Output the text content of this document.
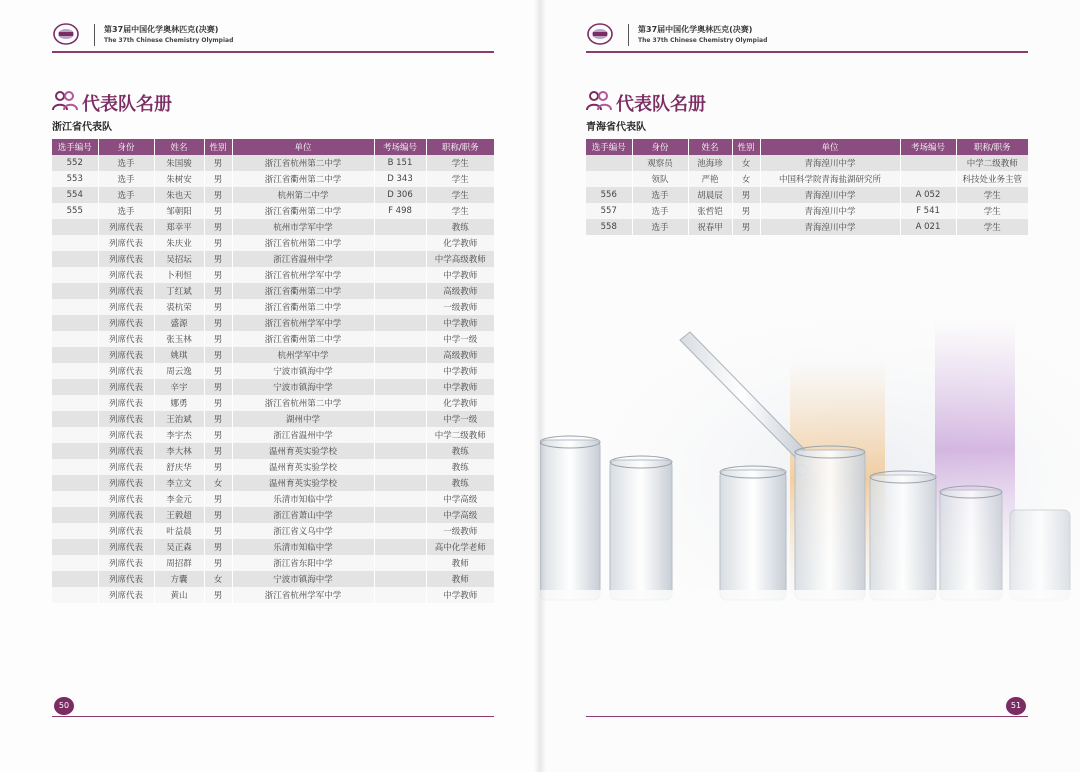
第37届中国化学奥林匹克(决赛)
The 37th Chinese Chemistry Olympiad
代表队名册
浙江省代表队
选手编号	身份	姓名	性别	单位	考场编号	职称/职务
552	选手	朱国骏	男	浙江省杭州第二中学	B 151	学生
553	选手	朱树安	男	浙江省衢州第二中学	D 343	学生
554	选手	朱也天	男	杭州第二中学	D 306	学生
555	选手	邹朝阳	男	浙江省衢州第二中学	F 498	学生
	列席代表	郑幸平	男	杭州市学军中学		教练
	列席代表	朱庆业	男	浙江省杭州第二中学		化学教师
	列席代表	吴招坛	男	浙江省温州中学		中学高级教师
	列席代表	卜利恒	男	浙江省杭州学军中学		中学教师
	列席代表	丁红斌	男	浙江省衢州第二中学		高级教师
	列席代表	裘杭荣	男	浙江省衢州第二中学		一级教师
	列席代表	盛源	男	浙江省杭州学军中学		中学教师
	列席代表	张玉林	男	浙江省衢州第二中学		中学一级
	列席代表	姚琪	男	杭州学军中学		高级教师
	列席代表	周云逸	男	宁波市镇海中学		中学教师
	列席代表	辛宇	男	宁波市镇海中学		中学教师
	列席代表	娜勇	男	浙江省杭州第二中学		化学教师
	列席代表	王治斌	男	湖州中学		中学一级
	列席代表	李宇杰	男	浙江省温州中学		中学二级教师
	列席代表	李大林	男	温州育英实验学校		教练
	列席代表	舒庆华	男	温州育英实验学校		教练
	列席代表	李立文	女	温州育英实验学校		教练
	列席代表	李金元	男	乐清市知临中学		中学高级
	列席代表	王毅超	男	浙江省萧山中学		中学高级
	列席代表	叶益晨	男	浙江省义乌中学		一级教师
	列席代表	吴正森	男	乐清市知临中学		高中化学老师
	列席代表	周招群	男	浙江省东阳中学		教师
	列席代表	方囊	女	宁波市镇海中学		教师
	列席代表	黄山	男	浙江省杭州学军中学		中学教师
50
第37届中国化学奥林匹克(决赛)
The 37th Chinese Chemistry Olympiad
代表队名册
青海省代表队
选手编号	身份	姓名	性别	单位	考场编号	职称/职务
	观察员	池海珍	女	青海湟川中学		中学二级教师
	领队	严艳	女	中国科学院青海盐湖研究所		科技处业务主管
556	选手	胡晨辰	男	青海湟川中学	A 052	学生
557	选手	张哲铠	男	青海湟川中学	F 541	学生
558	选手	祝春甲	男	青海湟川中学	A 021	学生
51
